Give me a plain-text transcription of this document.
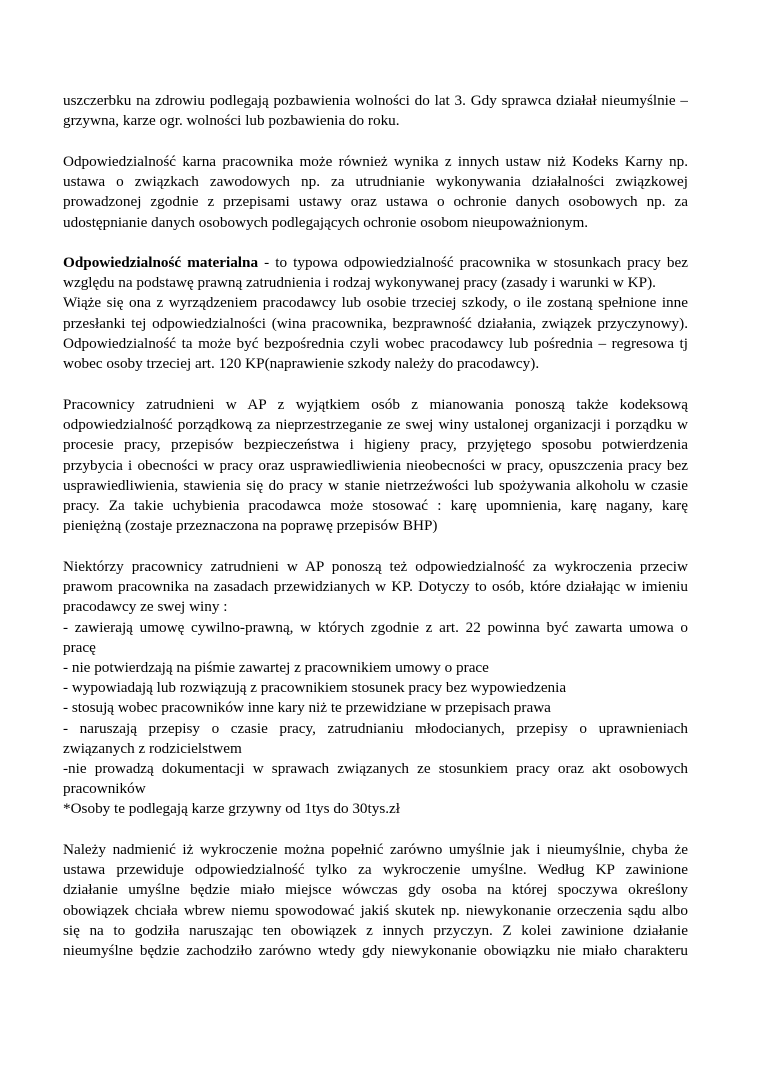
uszczerbku na zdrowiu podlegają pozbawienia wolności do lat 3. Gdy sprawca działał nieumyślnie –
grzywna, karze ogr. wolności lub pozbawienia do roku.
Odpowiedzialność karna pracownika może również wynika z innych ustaw niż Kodeks Karny np.
ustawa o związkach zawodowych np. za utrudnianie wykonywania działalności związkowej
prowadzonej zgodnie z przepisami ustawy oraz ustawa o ochronie danych osobowych np. za
udostępnianie danych osobowych podlegających ochronie osobom nieupoważnionym.
Odpowiedzialność materialna - to typowa odpowiedzialność pracownika w stosunkach pracy bez
względu na podstawę prawną zatrudnienia i rodzaj wykonywanej pracy (zasady i warunki w KP).
Wiąże się ona z wyrządzeniem pracodawcy lub osobie trzeciej szkody, o ile zostaną spełnione inne
przesłanki tej odpowiedzialności (wina pracownika, bezprawność działania, związek przyczynowy).
Odpowiedzialność ta może być bezpośrednia czyli wobec pracodawcy lub pośrednia – regresowa tj
wobec osoby trzeciej art. 120 KP(naprawienie szkody należy do pracodawcy).
Pracownicy zatrudnieni w AP z wyjątkiem osób z mianowania ponoszą także kodeksową
odpowiedzialność porządkową za nieprzestrzeganie ze swej winy ustalonej organizacji i porządku w
procesie pracy, przepisów bezpieczeństwa i higieny pracy, przyjętego sposobu potwierdzenia
przybycia i obecności w pracy oraz usprawiedliwienia nieobecności w pracy, opuszczenia pracy bez
usprawiedliwienia, stawienia się do pracy w stanie nietrzeźwości lub spożywania alkoholu w czasie
pracy. Za takie uchybienia pracodawca może stosować : karę upomnienia, karę nagany, karę
pieniężną (zostaje przeznaczona na poprawę przepisów BHP)
Niektórzy pracownicy zatrudnieni w AP ponoszą też odpowiedzialność za wykroczenia przeciw
prawom pracownika na zasadach przewidzianych w KP. Dotyczy to osób, które działając w imieniu
pracodawcy ze swej winy :
- zawierają umowę cywilno-prawną, w których zgodnie z art. 22 powinna być zawarta umowa o
pracę
- nie potwierdzają na piśmie zawartej z pracownikiem umowy o prace
- wypowiadają lub rozwiązują z pracownikiem stosunek pracy bez wypowiedzenia
- stosują wobec pracowników inne kary niż te przewidziane w przepisach prawa
- naruszają przepisy o czasie pracy, zatrudnianiu młodocianych, przepisy o uprawnieniach
związanych z rodzicielstwem
-nie prowadzą dokumentacji w sprawach związanych ze stosunkiem pracy oraz akt osobowych
pracowników
*Osoby te podlegają karze grzywny od 1tys do 30tys.zł
Należy nadmienić iż wykroczenie można popełnić zarówno umyślnie jak i nieumyślnie, chyba że
ustawa przewiduje odpowiedzialność tylko za wykroczenie umyślne. Według KP zawinione
działanie umyślne będzie miało miejsce wówczas gdy osoba na której spoczywa określony
obowiązek chciała wbrew niemu spowodować jakiś skutek np. niewykonanie orzeczenia sądu albo
się na to godziła naruszając ten obowiązek z innych przyczyn. Z kolei zawinione działanie
nieumyślne będzie zachodziło zarówno wtedy gdy niewykonanie obowiązku nie miało charakteru
